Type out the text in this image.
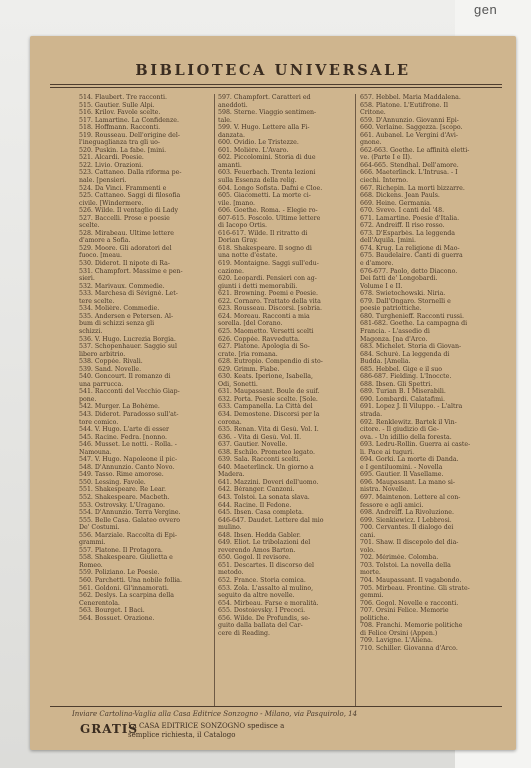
gen
BIBLIOTECA UNIVERSALE
514. Flaubert. Tre racconti.
515. Gautier. Sulle Alpi.
516. Krilov. Favole scelte.
517. Lamartine. La Confidenze.
518. Hoffmann. Racconti.
519. Rousseau. Dell'origine del-
l'ineguaglianza tra gli uo-
520. Puskin. La fabe. [mini.
521. Alcardi. Poesie.
522. Livio. Orazioni.
523. Cattaneo. Dalla riforma pe-
nale. [pensieri.
524. Da Vinci. Frammenti e
525. Cattaneo. Saggi di filosofia
civile. [Windermere.
526. Wilde. Il ventaglio di Lady
527. Baccelli. Prose e poesie
scelte.
528. Mirabeau. Ultime lettere
d'amore a Sofia.
529. Moore. Gli adoratori del
fuoco. [meau.
530. Diderot. Il nipote di Ra-
531. Champfort. Massime e pen-
sieri.
532. Marivaux. Commedie.
533. Marchesa di Sévigné. Let-
tere scelte.
534. Molière. Commedie.
535. Andersen e Petersen. Al-
bum di schizzi senza gli
schizzi.
536. V. Hugo. Lucrezia Borgia.
537. Schopenhauer. Saggio sul
libero arbitrio.
538. Coppée. Rivali.
539. Sand. Novelle.
540. Goncourt. Il romanzo di
una parrucca.
541. Racconti del Vecchio Giap-
pone.
542. Murger. La Bohème.
543. Diderot. Paradosso sull'at-
tore comico.
544. V. Hugo. L'arte di esser
545. Racine. Fedra. [nonno.
546. Musset. Le notti. - Rolla. -
Namouna.
547. V. Hugo. Napoleone il pic-
548. D'Annunzio. Canto Novo.
549. Tasso. Rime amorose.
550. Lessing. Favole.
551. Shakespeare. Re Lear.
552. Shakespeare. Macbeth.
553. Ostrovsky. L'Uragano.
554. D'Annunzio. Terra Vergine.
555. Belle Casa. Galateo ovvero
De' Costumi.
556. Marziale. Raccolta di Epi-
grammi.
557. Platone. Il Protagora.
558. Shakespeare. Giulietta e
Romeo.
559. Poliziano. Le Poesie.
560. Parchetti. Una nobile follia.
561. Goldoni. Gl'innamorati.
562. Deslys. La scarpina della
Cenerentola.
563. Bourget. I Baci.
564. Bossuet. Orazione.
597. Champfort. Caratteri ed
aneddoti.
598. Sterne. Viaggio sentimen-
tale.
599. V. Hugo. Lettere alla Fi-
danzata.
600. Ovidio. Le Tristezze.
601. Molière. L'Avaro.
602. Piccolomini. Storia di due
amanti.
603. Feuerbach. Trenta lezioni
sulla Essenza della relig.
604. Longo Sofista. Dafni e Cloe.
605. Giacometti. La morte ci-
vile. [mano.
606. Goethe. Roma. - Elegie ro-
607-615. Foscolo. Ultime lettere
di Iacopo Ortis.
616-617. Wilde. Il ritratto di
Dorian Gray.
618. Shakespeare. Il sogno di
una notte d'estate.
619. Montaigne. Saggi sull'edu-
cazione.
620. Leopardi. Pensieri con ag-
giunti i detti memorabili.
621. Browning. Poemi e Poesie.
622. Cornaro. Trattato della vita
623. Rousseau. Discorsi. [sobria.
624. Moreau. Racconti a mia
sorella. [del Corano.
625. Maometto. Versetti scelti
626. Coppée. Ravvedutta.
627. Platone. Apologia di So-
crate. [ria romana.
628. Eutropio. Compendio di sto-
629. Grimm. Fiabe.
630. Keats. Iperione, Isabella,
Odi, Sonetti.
631. Maupassant. Boule de suif.
632. Porta. Poesie scelte. [Sole.
633. Campanella. La Città del
634. Demostene. Discorsi per la
corona.
635. Renan. Vita di Gesù. Vol. I.
636. - Vita di Gesù. Vol. II.
637. Gautier. Novelle.
638. Eschilo. Prometeo legato.
639. Sala. Racconti scelti.
640. Maeterlinck. Un giorno a
Madera.
641. Mazzini. Doveri dell'uomo.
642. Béranger. Canzoni.
643. Tolstoi. La sonata slava.
644. Racine. Il Fedone.
645. Ibsen. Casa completa.
646-647. Daudet. Lettere dal mio
mulino.
648. Ibsen. Hedda Gabler.
649. Eliot. Le tribolazioni del
reverendo Amos Barton.
650. Gogol. Il revisore.
651. Descartes. Il discorso del
metodo.
652. France. Storia comica.
653. Zola. L'assalto al mulino,
seguito da altre novelle.
654. Mirbeau. Farse e moralità.
655. Dostoievsky. I Precoci.
656. Wilde. De Profundis, se-
guito dalla ballata del Car-
cere di Reading.
657. Hebbel. Maria Maddalena.
658. Platone. L'Eutifrone. Il
Critone.
659. D'Annunzio. Giovanni Epi-
660. Verlaine. Saggezza. [scopo.
661. Aubanel. Le Vergini d'Avi-
gnone.
662-663. Goethe. Le affinità eletti-
ve. (Parte I e II).
664-665. Stendhal. Dell'amore.
666. Maeterlinck. L'Intrusa. - I
ciechi. Interno.
667. Richepin. La morti bizzarre.
668. Dickens. Jean Pauls.
669. Heine. Germania.
670. Svevo. I canti del '48.
671. Lamartine. Poesie d'Italia.
672. Andreiff. Il riso rosso.
673. D'Esparbès. La leggenda
dell'Aquila. [mini.
674. Krug. La religione di Mao-
675. Baudelaire. Canti di guerra
e d'amore.
676-677. Paolo, detto Diacono.
Dei fatti de' Longobardi.
Volume I e II.
678. Swietochowski. Niria.
679. Dall'Ongaro. Stornelli e
poesie patriottiche.
680. Turghenieff. Racconti russi.
681-682. Goethe. La campagna di
Francia. - L'assedio di
Magonza. [na d'Arco.
683. Michelet. Storia di Giovan-
684. Schurè. La leggenda di
Budda. [Amelia.
685. Hebbel. Gige e il suo
686-687. Fielding. L'Inoccte.
688. Ibsen. Gli Spettri.
689. Turian B. I Miserabili.
690. Lombardi. Calatafimi.
691. Lopez J. Il Viluppo. - L'altra
strada.
692. Renklewitz. Bartek il Vin-
citore. - Il giudizio di Ge-
ova. - Un idillio della foresta.
693. Ledru-Rollin. Guerra ai caste-
li. Pace ai tuguri.
694. Gorki. La morte di Danda.
e I gentiluomini. - Novella
695. Gautier. Il Vasellame.
696. Maupassant. La mano si-
nistra. Novelle.
697. Maintenon. Lettere al con-
fessore e agli amici.
698. Andreiff. La Rivoluzione.
699. Sienkiewicz. I Lebbrosi.
700. Cervantes. Il dialogo dei
cani.
701. Shaw. Il discepolo del dia-
volo.
702. Mérimée. Colomba.
703. Tolstoi. La novella della
morte.
704. Maupassant. Il vagabondo.
705. Mirbeau. Frontine. Gli strate-
gemmi.
706. Gogol. Novelle e racconti.
707. Orsini Felice. Memorie
politiche.
708. Franchi. Memorie politiche
di Felice Orsini (Appen.)
709. Lavigne. L'Aliena.
710. Schiller. Giovanna d'Arco.
Inviare Cartolina-Vaglia alla Casa Editrice Sonzogno - Milano, via Pasquirolo, 14
GRATIS
La CASA EDITRICE SONZOGNO spedisce a
semplice richiesta, il Catalogo
